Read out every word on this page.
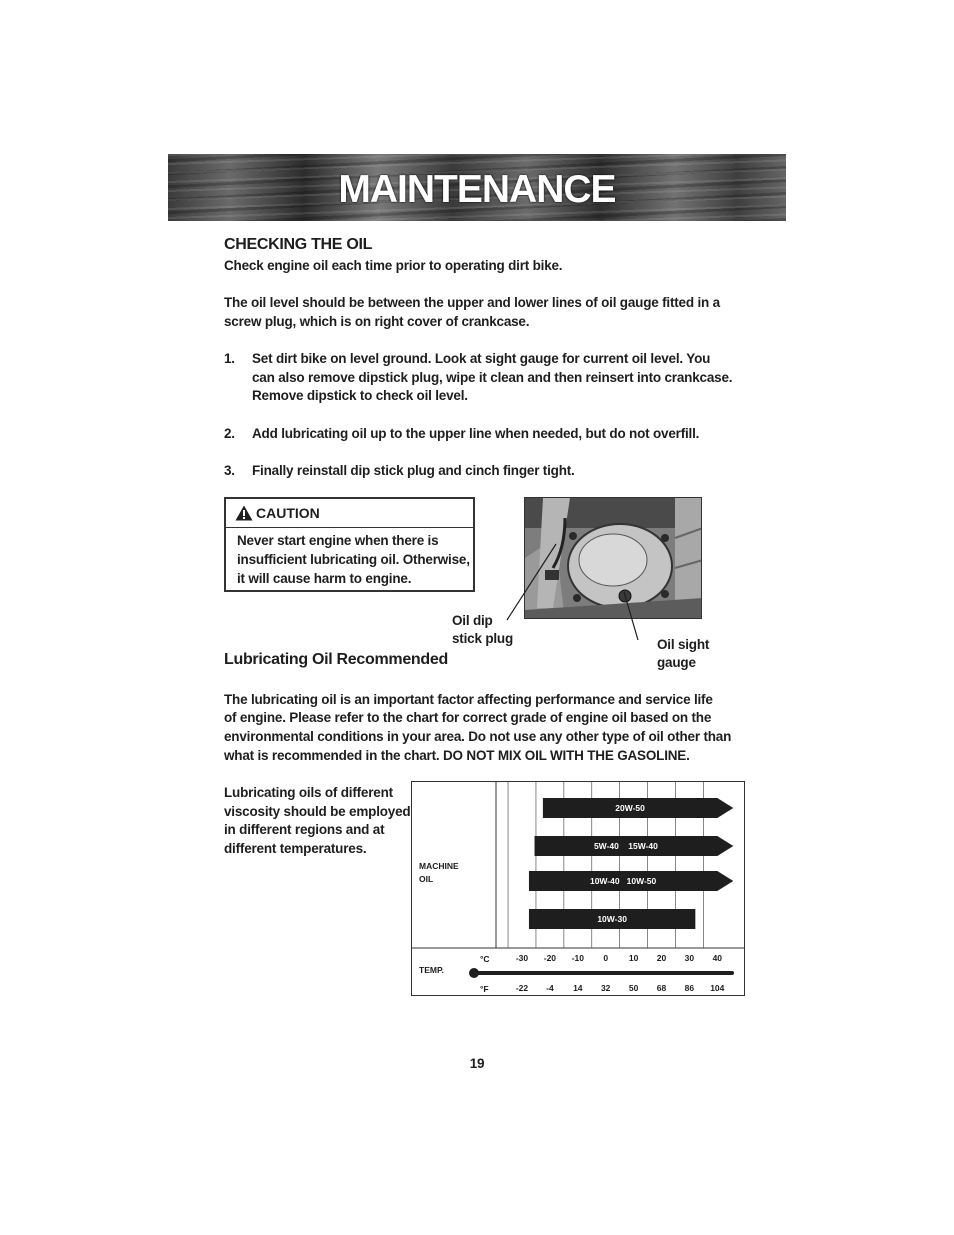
MAINTENANCE
CHECKING THE OIL
Check engine oil each time prior to operating dirt bike.
The oil level should be between the upper and lower lines of oil gauge fitted in a
screw plug, which is on right cover of crankcase.
1. Set dirt bike on level ground. Look at sight gauge for current oil level. You
can also remove dipstick plug, wipe it clean and then reinsert into crankcase.
Remove dipstick to check oil level.
2. Add lubricating oil up to the upper line when needed, but do not overfill.
3. Finally reinstall dip stick plug and cinch finger tight.
CAUTION
Never start engine when there is
insufficient lubricating oil. Otherwise,
it will cause harm to engine.
Oil dip
stick plug	Oil sight
gauge
Lubricating Oil Recommended
The lubricating oil is an important factor affecting performance and service life
of engine. Please refer to the chart for correct grade of engine oil based on the
environmental conditions in your area. Do not use any other type of oil other than
what is recommended in the chart. DO NOT MIX OIL WITH THE GASOLINE.
Lubricating oils of different
viscosity should be employed
in different regions and at
different temperatures.
MACHINE
OIL
TEMP.
°C
°F
-30	-20	-10	0	10	20	30	40
-22	-4	14	32	50	68	86	104
20W-50
5W-40    15W-40
10W-40   10W-50
10W-30
19
